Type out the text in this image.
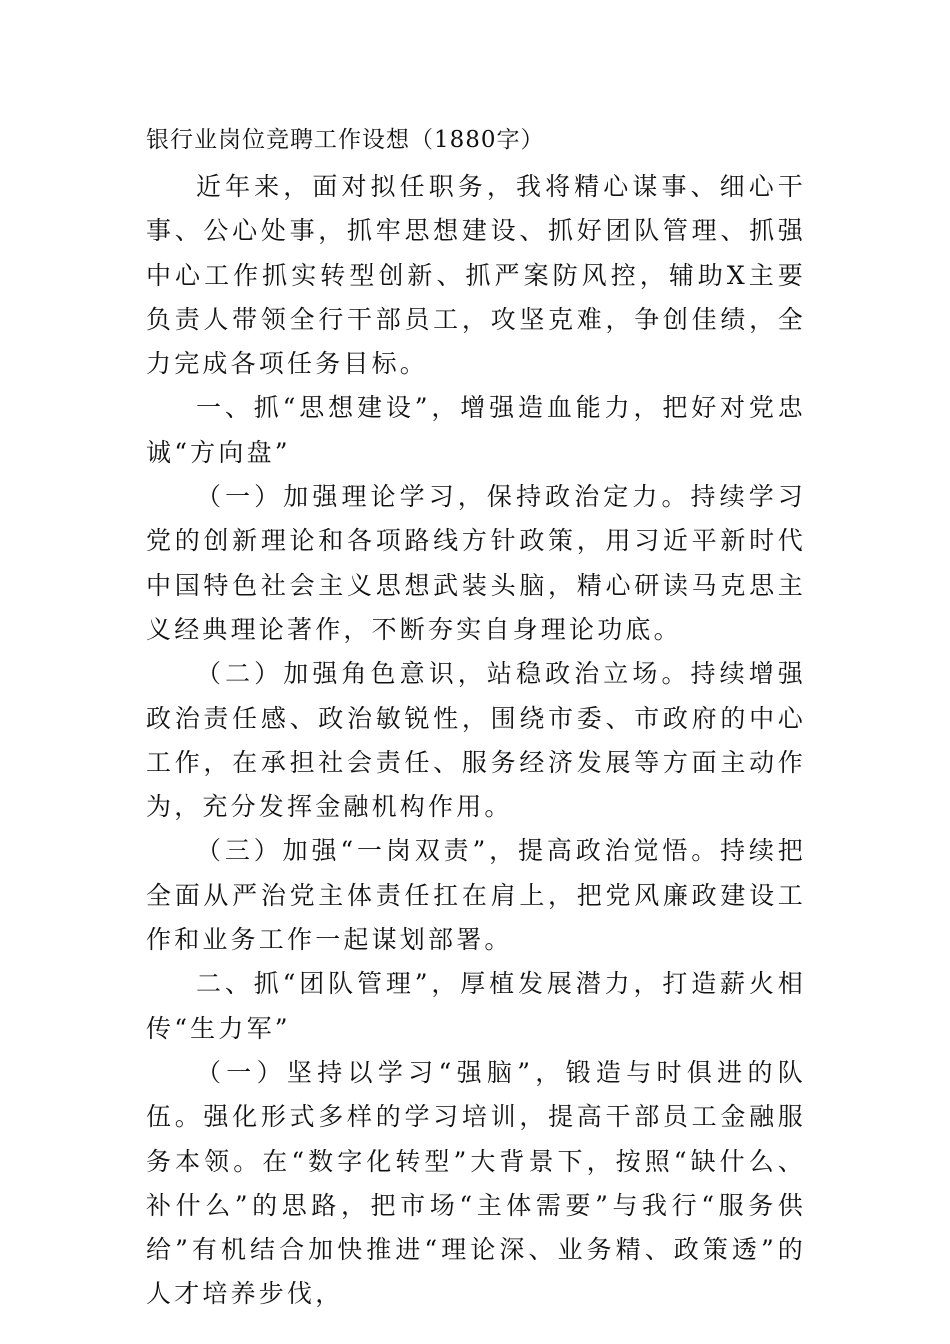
银行业岗位竞聘工作设想（1880字）

近年来，面对拟任职务，我将精心谋事、细心干事、公心处事，抓牢思想建设、抓好团队管理、抓强中心工作抓实转型创新、抓严案防风控，辅助X主要负责人带领全行干部员工，攻坚克难，争创佳绩，全力完成各项任务目标。

一、抓“思想建设”，增强造血能力，把好对党忠诚“方向盘”

（一）加强理论学习，保持政治定力。持续学习党的创新理论和各项路线方针政策，用习近平新时代中国特色社会主义思想武装头脑，精心研读马克思主义经典理论著作，不断夯实自身理论功底。

（二）加强角色意识，站稳政治立场。持续增强政治责任感、政治敏锐性，围绕市委、市政府的中心工作，在承担社会责任、服务经济发展等方面主动作为，充分发挥金融机构作用。

（三）加强“一岗双责”，提高政治觉悟。持续把全面从严治党主体责任扛在肩上，把党风廉政建设工作和业务工作一起谋划部署。

二、抓“团队管理”，厚植发展潜力，打造薪火相传“生力军”

（一）坚持以学习“强脑”，锻造与时俱进的队伍。强化形式多样的学习培训，提高干部员工金融服务本领。在“数字化转型”大背景下，按照“缺什么、补什么”的思路，把市场“主体需要”与我行“服务供给”有机结合加快推进“理论深、业务精、政策透”的人才培养步伐，
